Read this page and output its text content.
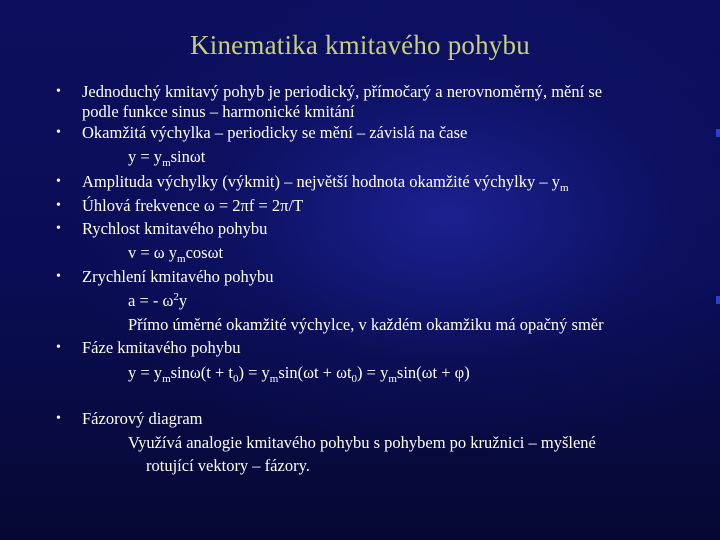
Kinematika kmitavého pohybu
•
•
•
•
•
•
•
•
Jednoduchý kmitavý pohyb je periodický, přímočarý a nerovnoměrný, mění se
podle funkce sinus – harmonické kmitání
Okamžitá výchylka – periodicky se mění – závislá na čase
$y = y_m\sin\omega t$
Amplituda výchylky (výkmit) – největší hodnota okamžité výchylky – $y_m$
Úhlová frekvence ω = 2πf = 2π/T
Rychlost kmitavého pohybu
v = ω $y_m\cos\omega t$
Zrychlení kmitavého pohybu
a = - $\omega^2y$
Přímo úměrné okamžité výchylce, v každém okamžiku má opačný směr
Fáze kmitavého pohybu
$y = y_m\sin\omega(t + t_0) = y_m\sin(\omega t + \omega t_0) = y_m\sin(\omega t + \varphi)$
Fázorový diagram
Využívá analogie kmitavého pohybu s pohybem po kružnici – myšlené
rotující vektory – fázory.
